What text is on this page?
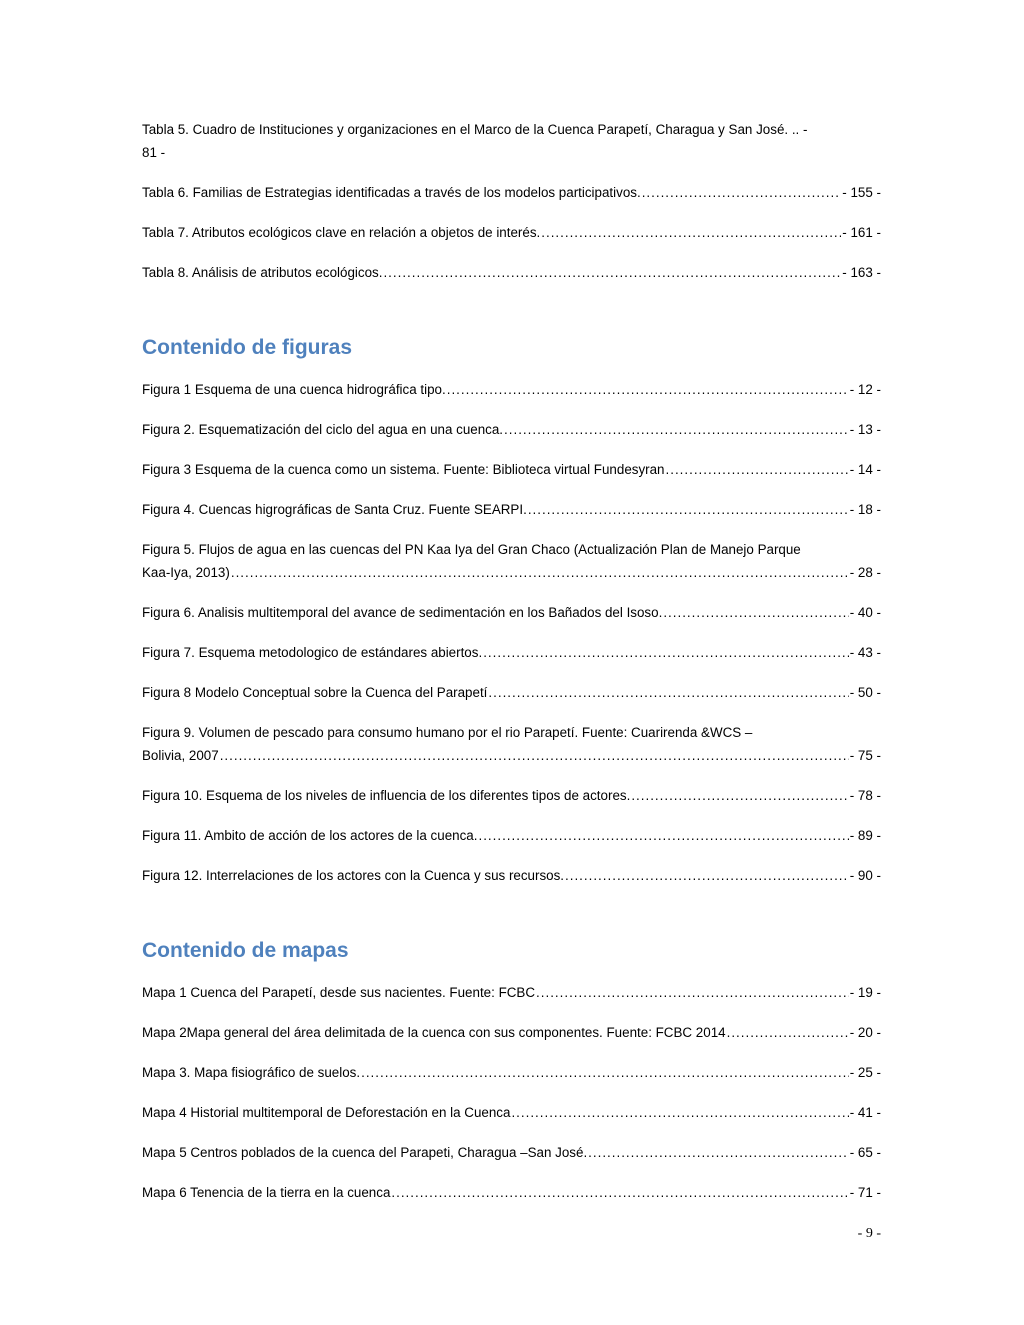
Tabla 5. Cuadro de Instituciones y organizaciones en el Marco de la Cuenca Parapetí, Charagua y San José. .. -
81 -
Tabla 6. Familias de Estrategias identificadas a través de los modelos participativos. .....	- 155 -
Tabla 7. Atributos ecológicos clave en relación a objetos de interés. .....	- 161 -
Tabla 8. Análisis de atributos ecológicos. .....	- 163 -
Contenido de figuras
Figura 1 Esquema de una cuenca hidrográfica tipo. .....	- 12 -
Figura 2. Esquematización del ciclo del agua en una cuenca. .....	- 13 -
Figura 3 Esquema de la cuenca como un sistema. Fuente: Biblioteca virtual Fundesyran .....	- 14 -
Figura 4. Cuencas higrográficas de Santa Cruz. Fuente SEARPI. .....	- 18 -
Figura 5. Flujos de agua en las cuencas del PN Kaa Iya del Gran Chaco (Actualización Plan de Manejo Parque
Kaa-Iya, 2013) .....	- 28 -
Figura 6. Analisis multitemporal del avance de sedimentación en los Bañados del Isoso. .....	- 40 -
Figura 7. Esquema metodologico de estándares abiertos. .....	- 43 -
Figura 8 Modelo Conceptual sobre la Cuenca del Parapetí .....	- 50 -
Figura 9. Volumen de pescado para consumo humano por el rio Parapetí. Fuente: Cuarirenda &WCS –
Bolivia, 2007 .....	- 75 -
Figura 10. Esquema de los niveles de influencia de los diferentes tipos de actores. .....	- 78 -
Figura 11. Ambito de acción de los actores de la cuenca. .....	- 89 -
Figura 12. Interrelaciones de los actores con la Cuenca y sus recursos. .....	- 90 -
Contenido de mapas
Mapa 1 Cuenca del Parapetí, desde sus nacientes. Fuente: FCBC .....	- 19 -
Mapa 2Mapa general del área delimitada de la cuenca con sus componentes. Fuente: FCBC 2014 .....	- 20 -
Mapa 3. Mapa fisiográfico de suelos. .....	- 25 -
Mapa 4 Historial multitemporal de Deforestación en la Cuenca .....	- 41 -
Mapa 5 Centros poblados de la cuenca del Parapeti, Charagua –San José. .....	- 65 -
Mapa 6 Tenencia de la tierra en la cuenca .....	- 71 -
- 9 -
